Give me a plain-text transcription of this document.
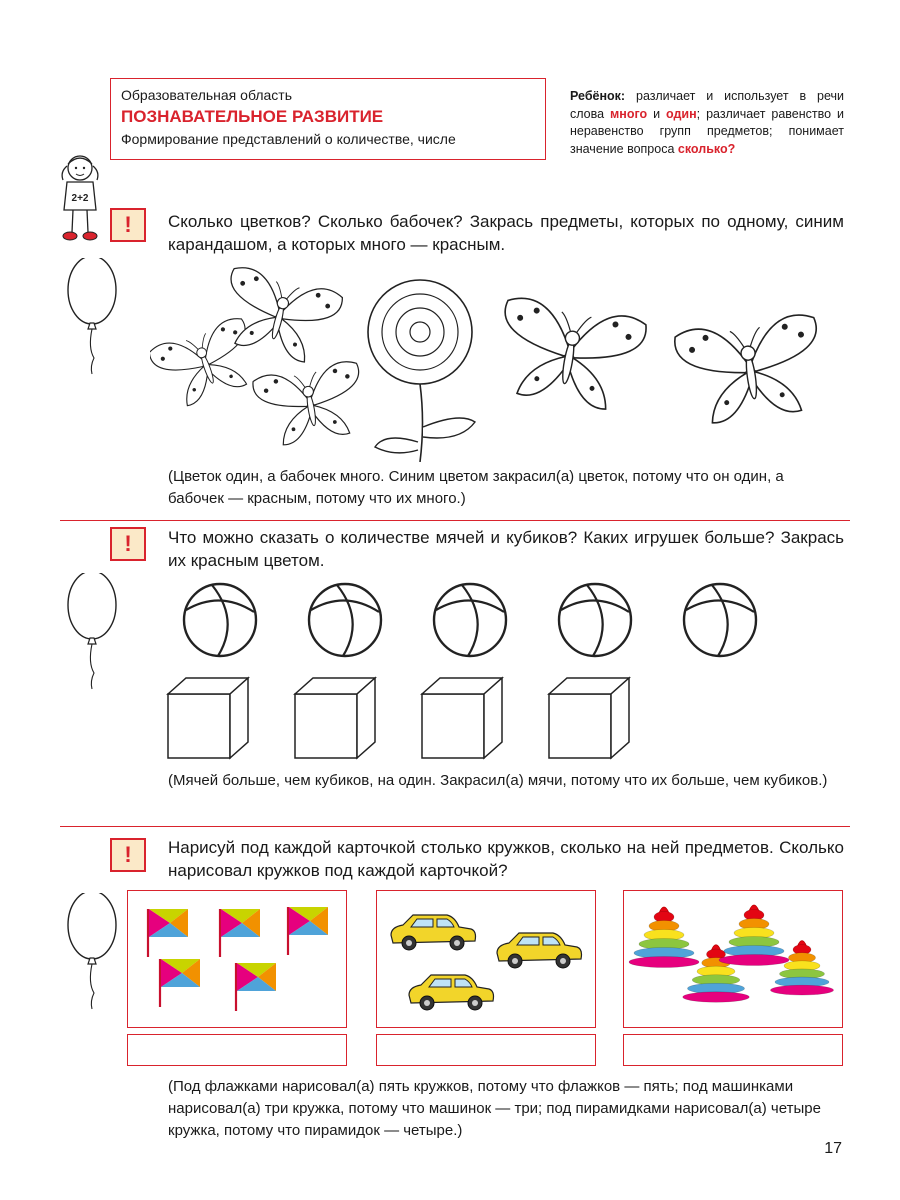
Образовательная область
ПОЗНАВАТЕЛЬНОЕ РАЗВИТИЕ
Формирование представлений о количестве, числе
Ребёнок: различает и использует в речи слова много и один; различает равенство и неравенство групп предметов; понимает значение вопроса сколько?
2+2
!	Сколько цветков? Сколько бабочек? Закрась предметы, которых по одному, синим карандашом, а которых много — красным.
(Цветок один, а бабочек много. Синим цветом закрасил(а) цветок, потому что он один, а бабочек — красным, потому что их много.)
!	Что можно сказать о количестве мячей и кубиков? Каких игрушек больше? Закрась их красным цветом.
(Мячей больше, чем кубиков, на один. Закрасил(а) мячи, потому что их больше, чем кубиков.)
!	Нарисуй под каждой карточкой столько кружков, сколько на ней предметов. Сколько нарисовал кружков под каждой карточкой?
(Под флажками нарисовал(а) пять кружков, потому что флажков — пять; под машинками нарисовал(а) три кружка, потому что машинок — три; под пирамидками нарисовал(а) четыре кружка, потому что пирамидок — четыре.)
17
